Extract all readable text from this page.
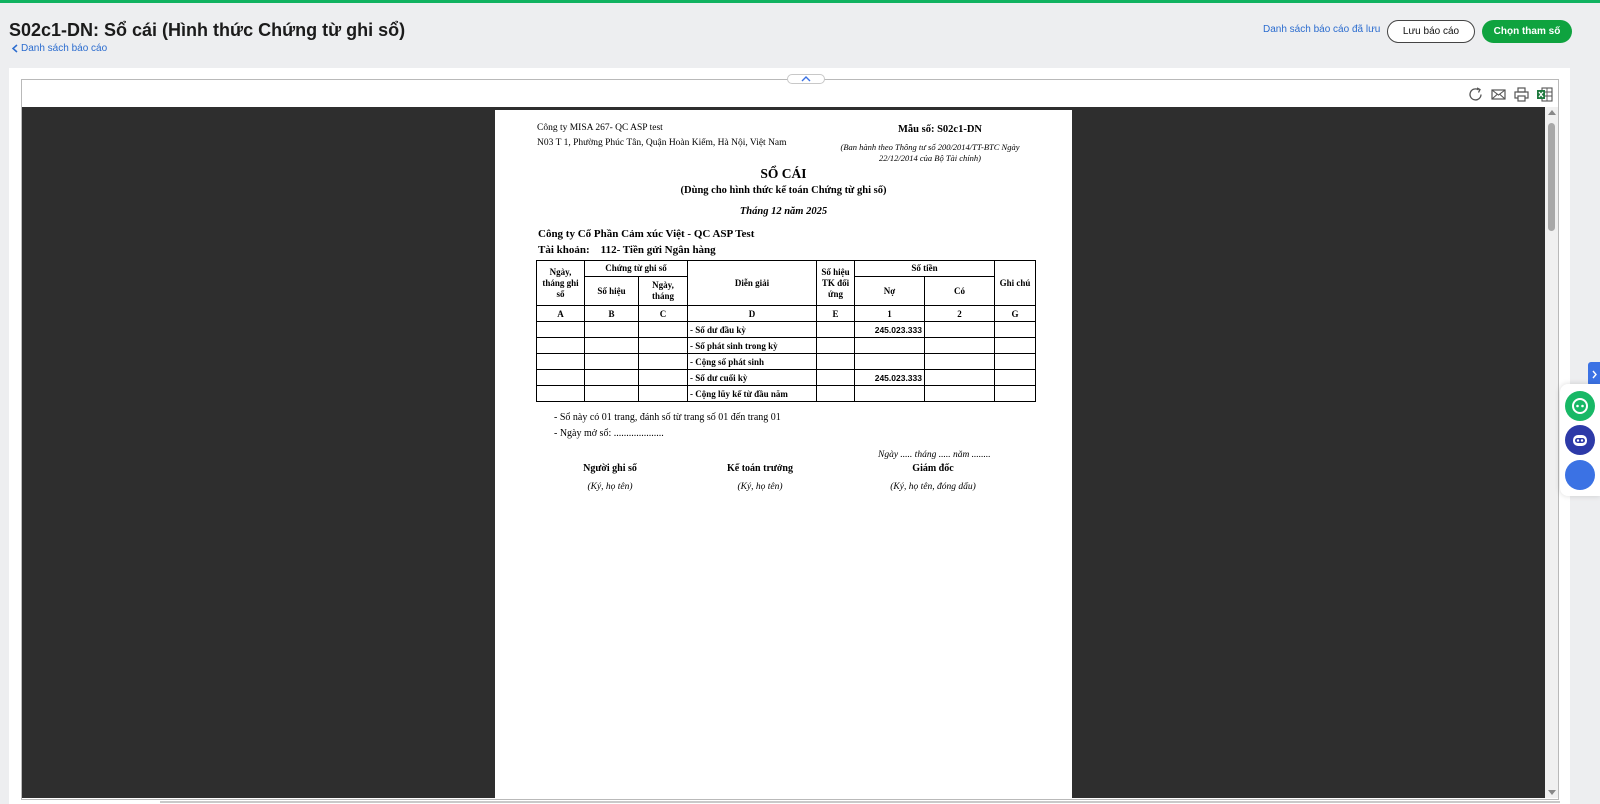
S02c1-DN: Sổ cái (Hình thức Chứng từ ghi sổ)
Danh sách báo cáo
Danh sách báo cáo đã lưu	Lưu báo cáo	Chọn tham số
Công ty MISA 267- QC ASP test
N03 T 1, Phường Phúc Tân, Quận Hoàn Kiếm, Hà Nội, Việt Nam
Mẫu số: S02c1-DN
(Ban hành theo Thông tư số 200/2014/TT-BTC Ngày 22/12/2014 của Bộ Tài chính)
SỔ CÁI
(Dùng cho hình thức kế toán Chứng từ ghi sổ)
Tháng 12 năm 2025
Công ty Cổ Phần Cảm xúc Việt - QC ASP Test
Tài khoản: 112- Tiền gửi Ngân hàng
Ngày, tháng ghi sổ	Chứng từ ghi sổ		Diễn giải	Số hiệu TK đối ứng	Số tiền		Ghi chú
	Số hiệu	Ngày, tháng			Nợ	Có	
A	B	C	D	E	1	2	G
			- Số dư đầu kỳ		245.023.333		
			- Số phát sinh trong kỳ				
			- Cộng số phát sinh				
			- Số dư cuối kỳ		245.023.333		
			- Cộng lũy kế từ đầu năm				
- Sổ này có 01 trang, đánh số từ trang số 01 đến trang 01
- Ngày mở sổ: ....................
Ngày ..... tháng ..... năm ........
Người ghi sổ
(Ký, họ tên)
Kế toán trưởng
(Ký, họ tên)
Giám đốc
(Ký, họ tên, đóng dấu)
